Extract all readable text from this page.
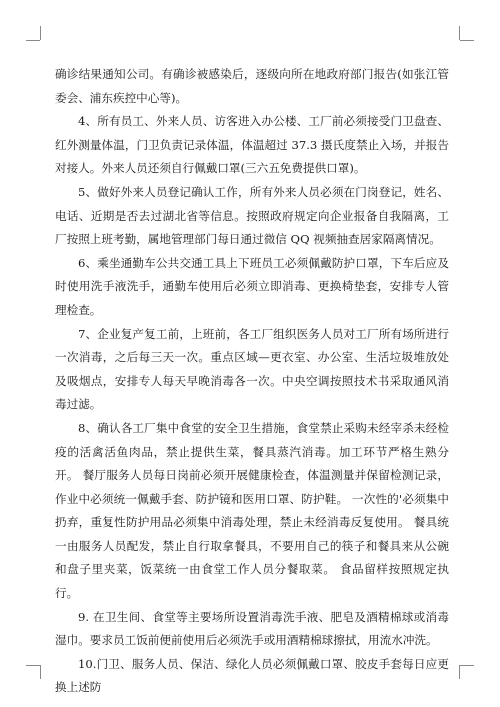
确诊结果通知公司。有确诊被感染后，逐级向所在地政府部门报告(如张江管委会、浦东疾控中心等)。

4、所有员工、外来人员、访客进入办公楼、工厂前必须接受门卫盘查、红外测量体温，门卫负责记录体温，体温超过 37.3 摄氏度禁止入场，并报告对接人。外来人员还须自行佩戴口罩(三六五免费提供口罩)。

5、做好外来人员登记确认工作，所有外来人员必须在门岗登记，姓名、电话、近期是否去过湖北省等信息。按照政府规定向企业报备自我隔离，工厂按照上班考勤，属地管理部门每日通过微信 QQ 视频抽查居家隔离情况。

6、乘坐通勤车公共交通工具上下班员工必须佩戴防护口罩，下车后应及时使用洗手液洗手，通勤车使用后必须立即消毒、更换椅垫套，安排专人管理检查。

7、企业复产复工前，上班前，各工厂组织医务人员对工厂所有场所进行一次消毒，之后每三天一次。重点区域—更衣室、办公室、生活垃圾堆放处及吸烟点，安排专人每天早晚消毒各一次。中央空调按照技术书采取通风消毒过滤。

8、确认各工厂集中食堂的安全卫生措施，食堂禁止采购未经宰杀未经检疫的活禽活鱼肉品，禁止提供生菜，餐具蒸汽消毒。加工环节严格生熟分开。 餐厅服务人员每日岗前必须开展健康检查，体温测量并保留检测记录，作业中必须统一佩戴手套、防护镜和医用口罩、防护鞋。 一次性的'必须集中扔弃，重复性防护用品必须集中消毒处理，禁止未经消毒反复使用。 餐具统一由服务人员配发，禁止自行取拿餐具，不要用自己的筷子和餐具来从公碗和盘子里夹菜，饭菜统一由食堂工作人员分餐取菜。 食品留样按照规定执行。

9. 在卫生间、食堂等主要场所设置消毒洗手液、肥皂及酒精棉球或消毒湿巾。要求员工饭前便前使用后必须洗手或用酒精棉球擦拭，用流水冲洗。

10.门卫、服务人员、保洁、绿化人员必须佩戴口罩、胶皮手套每日应更换上述防
